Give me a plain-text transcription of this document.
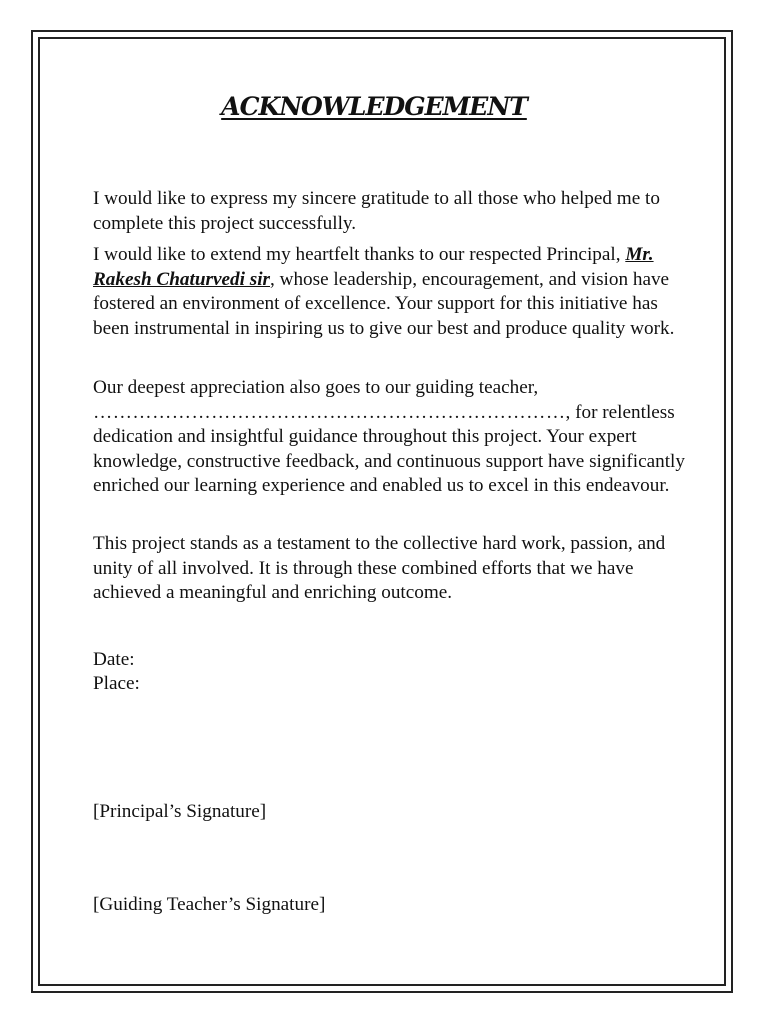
ACKNOWLEDGEMENT

I would like to express my sincere gratitude to all those who helped me to complete this project successfully.

I would like to extend my heartfelt thanks to our respected Principal, Mr. Rakesh Chaturvedi sir, whose leadership, encouragement, and vision have fostered an environment of excellence. Your support for this initiative has been instrumental in inspiring us to give our best and produce quality work.

Our deepest appreciation also goes to our guiding teacher, ………………………………………………………………, for relentless dedication and insightful guidance throughout this project. Your expert knowledge, constructive feedback, and continuous support have significantly enriched our learning experience and enabled us to excel in this endeavour.

This project stands as a testament to the collective hard work, passion, and unity of all involved. It is through these combined efforts that we have achieved a meaningful and enriching outcome.

Date:
Place:
[Principal’s Signature]
[Guiding Teacher’s Signature]
